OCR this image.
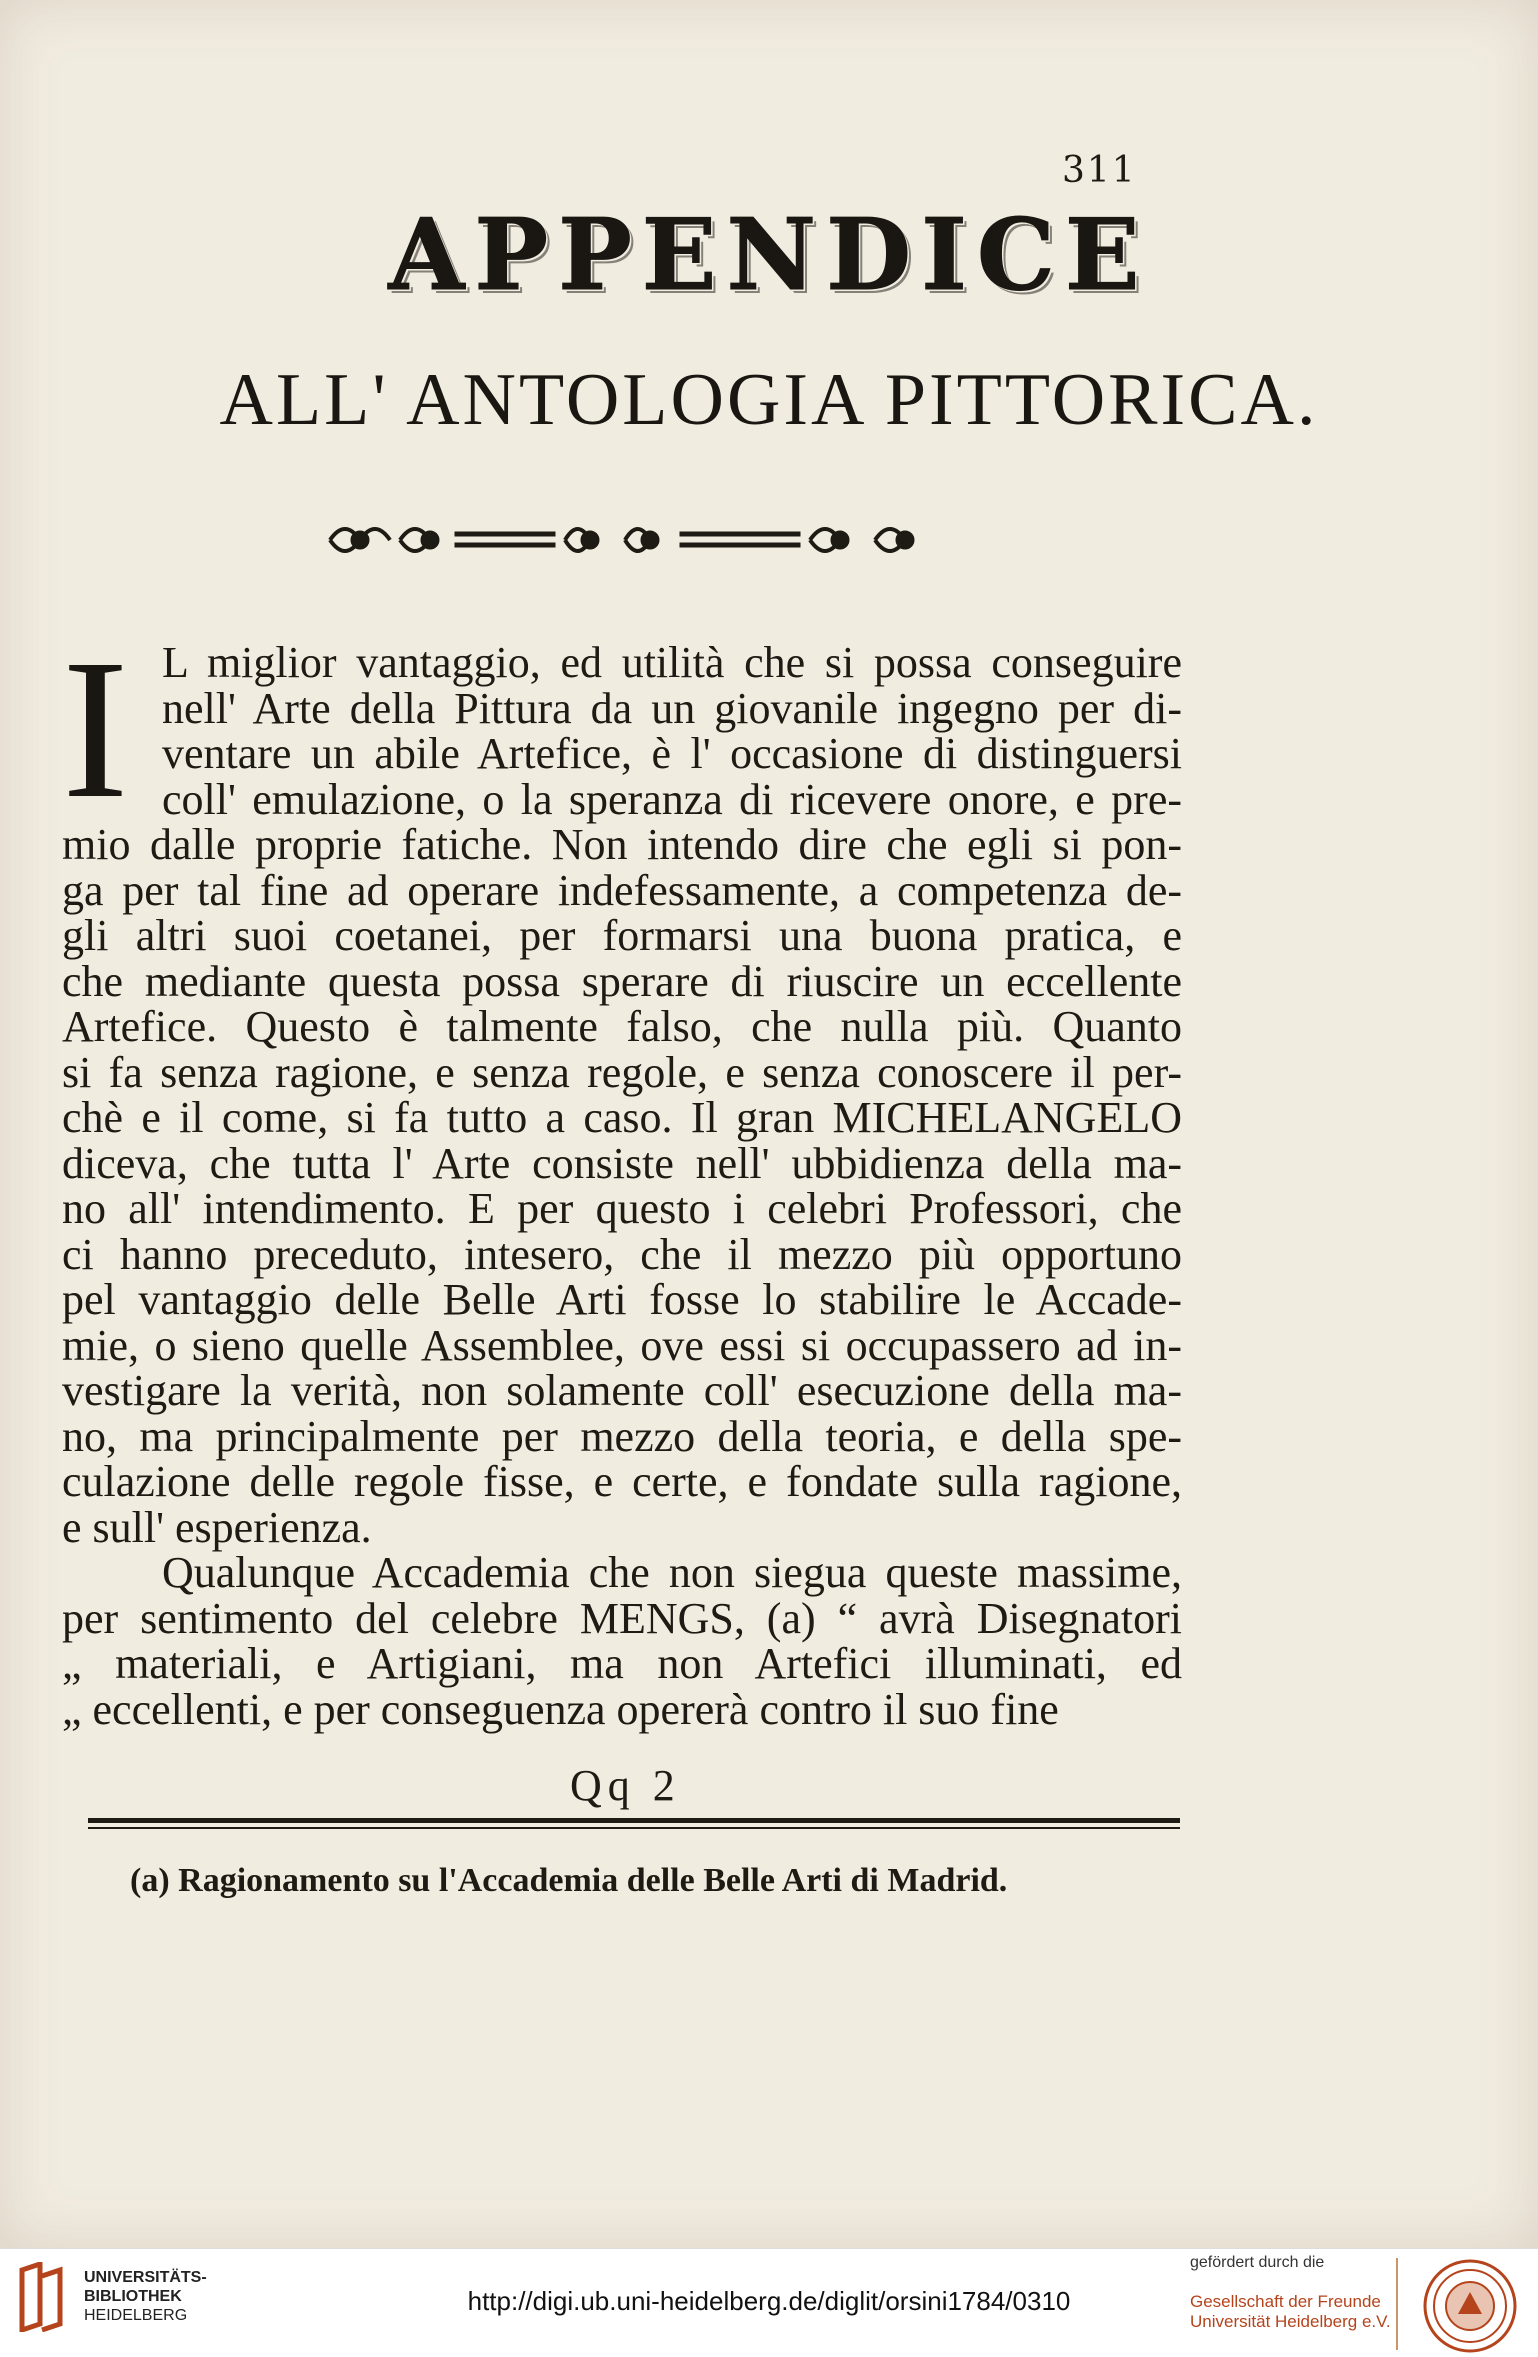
311
APPENDICE
ALL' ANTOLOGIA PITTORICA.
I L miglior vantaggio, ed utilità che si possa conseguire
nell' Arte della Pittura da un giovanile ingegno per di-
ventare un abile Artefice, è l' occasione di distinguersi
coll' emulazione, o la speranza di ricevere onore, e pre-
mio dalle proprie fatiche. Non intendo dire che egli si pon-
ga per tal fine ad operare indefessamente, a competenza de-
gli altri suoi coetanei, per formarsi una buona pratica, e
che mediante questa possa sperare di riuscire un eccellente
Artefice. Questo è talmente falso, che nulla più. Quanto
si fa senza ragione, e senza regole, e senza conoscere il per-
chè e il come, si fa tutto a caso. Il gran MICHELANGELO
diceva, che tutta l' Arte consiste nell' ubbidienza della ma-
no all' intendimento. E per questo i celebri Professori, che
ci hanno preceduto, intesero, che il mezzo più opportuno
pel vantaggio delle Belle Arti fosse lo stabilire le Accade-
mie, o sieno quelle Assemblee, ove essi si occupassero ad in-
vestigare la verità, non solamente coll' esecuzione della ma-
no, ma principalmente per mezzo della teoria, e della spe-
culazione delle regole fisse, e certe, e fondate sulla ragione,
e sull' esperienza.
Qualunque Accademia che non siegua queste massime,
per sentimento del celebre MENGS, (a) “ avrà Disegnatori
„ materiali, e Artigiani, ma non Artefici illuminati, ed
„ eccellenti, e per conseguenza opererà contro il suo fine
Qq 2
(a) Ragionamento su l'Accademia delle Belle Arti di Madrid.
UNIVERSITÄTS-
BIBLIOTHEK
HEIDELBERG	http://digi.ub.uni-heidelberg.de/diglit/orsini1784/0310
gefördert durch die
Gesellschaft der Freunde
Universität Heidelberg e.V.
